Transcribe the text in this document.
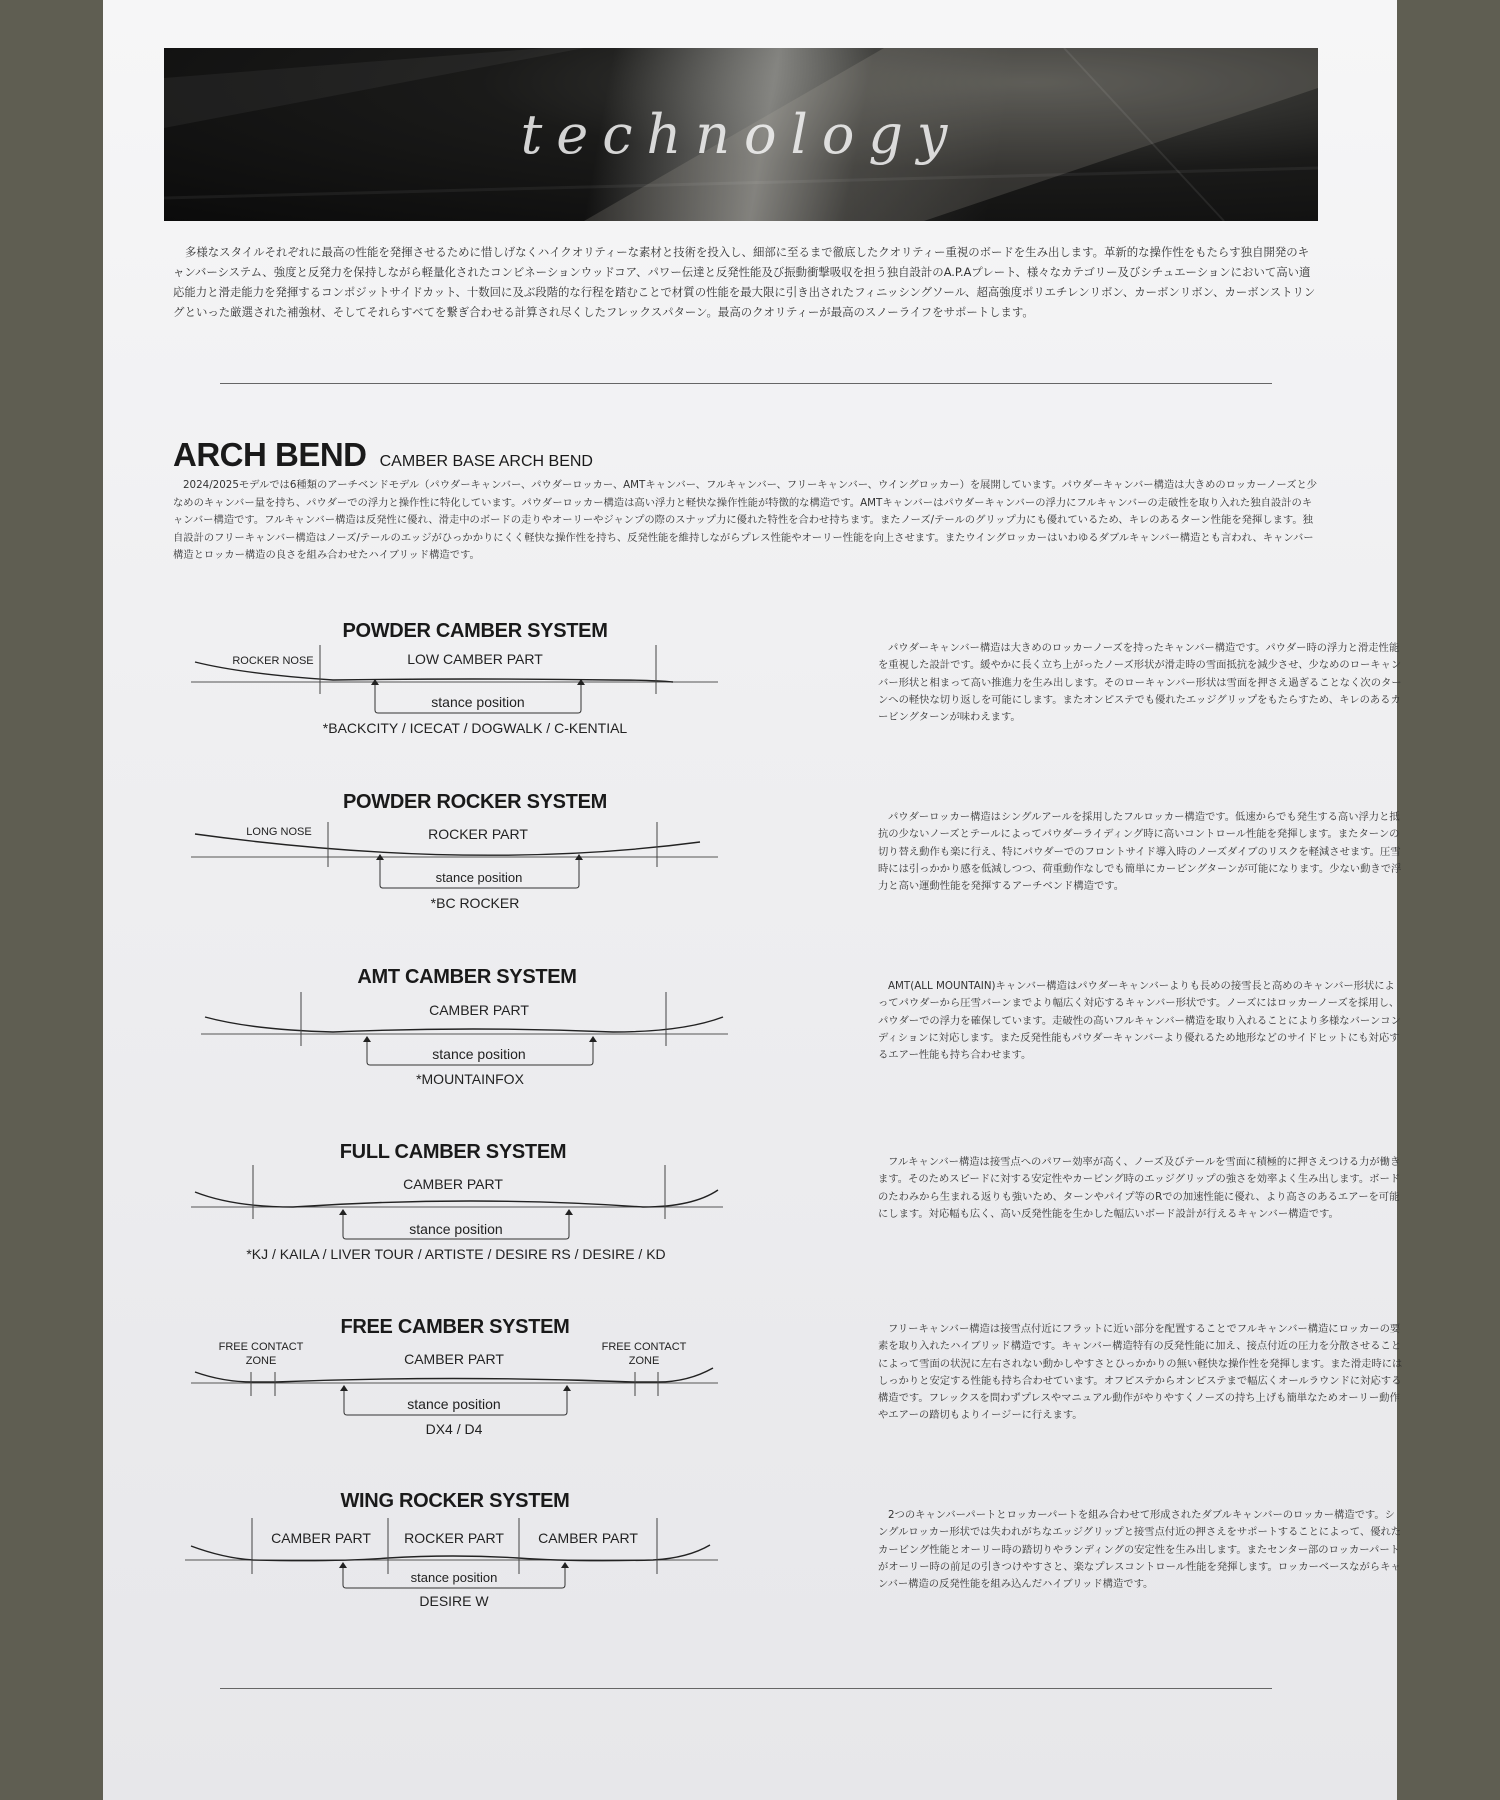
technology
多様なスタイルそれぞれに最高の性能を発揮させるために惜しげなくハイクオリティーな素材と技術を投入し、細部に至るまで徹底したクオリティー重視のボードを生み出します。革新的な操作性をもたらす独自開発のキャンバーシステム、強度と反発力を保持しながら軽量化されたコンビネーションウッドコア、パワー伝達と反発性能及び振動衝撃吸収を担う独自設計のA.P.Aプレート、様々なカテゴリー及びシチュエーションにおいて高い適応能力と滑走能力を発揮するコンポジットサイドカット、十数回に及ぶ段階的な行程を踏むことで材質の性能を最大限に引き出されたフィニッシングソール、超高強度ポリエチレンリボン、カーボンリボン、カーボンストリングといった厳選された補強材、そしてそれらすべてを繋ぎ合わせる計算され尽くしたフレックスパターン。最高のクオリティーが最高のスノーライフをサポートします。
ARCH BEND CAMBER BASE ARCH BEND
2024/2025モデルでは6種類のアーチベンドモデル（パウダーキャンバー、パウダーロッカー、AMTキャンバー、フルキャンバー、フリーキャンバー、ウイングロッカー）を展開しています。パウダーキャンバー構造は大きめのロッカーノーズと少なめのキャンバー量を持ち、パウダーでの浮力と操作性に特化しています。パウダーロッカー構造は高い浮力と軽快な操作性能が特徴的な構造です。AMTキャンバーはパウダーキャンバーの浮力にフルキャンバーの走破性を取り入れた独自設計のキャンバー構造です。フルキャンバー構造は反発性に優れ、滑走中のボードの走りやオーリーやジャンプの際のスナップ力に優れた特性を合わせ持ちます。またノーズ/テールのグリップ力にも優れているため、キレのあるターン性能を発揮します。独自設計のフリーキャンバー構造はノーズ/テールのエッジがひっかかりにくく軽快な操作性を持ち、反発性能を維持しながらプレス性能やオーリー性能を向上させます。またウイングロッカーはいわゆるダブルキャンバー構造とも言われ、キャンバー構造とロッカー構造の良さを組み合わせたハイブリッド構造です。
POWDER CAMBER SYSTEM
ROCKER NOSE	LOW CAMBER PART
stance position
*BACKCITY / ICECAT / DOGWALK / C-KENTIAL
パウダーキャンバー構造は大きめのロッカーノーズを持ったキャンバー構造です。パウダー時の浮力と滑走性能を重視した設計です。緩やかに長く立ち上がったノーズ形状が滑走時の雪面抵抗を減少させ、少なめのローキャンバー形状と相まって高い推進力を生み出します。そのローキャンバー形状は雪面を押さえ過ぎることなく次のターンへの軽快な切り返しを可能にします。またオンピステでも優れたエッジグリップをもたらすため、キレのあるカービングターンが味わえます。
POWDER ROCKER SYSTEM
LONG NOSE	ROCKER PART
stance position
*BC ROCKER
パウダーロッカー構造はシングルアールを採用したフルロッカー構造です。低速からでも発生する高い浮力と抵抗の少ないノーズとテールによってパウダーライディング時に高いコントロール性能を発揮します。またターンの切り替え動作も楽に行え、特にパウダーでのフロントサイド導入時のノーズダイブのリスクを軽減させます。圧雪時には引っかかり感を低減しつつ、荷重動作なしでも簡単にカービングターンが可能になります。少ない動きで浮力と高い運動性能を発揮するアーチベンド構造です。
AMT CAMBER SYSTEM
CAMBER PART
stance position
*MOUNTAINFOX
AMT(ALL MOUNTAIN)キャンバー構造はパウダーキャンバーよりも長めの接雪長と高めのキャンバー形状によってパウダーから圧雪バーンまでより幅広く対応するキャンバー形状です。ノーズにはロッカーノーズを採用し、パウダーでの浮力を確保しています。走破性の高いフルキャンバー構造を取り入れることにより多様なバーンコンディションに対応します。また反発性能もパウダーキャンバーより優れるため地形などのサイドヒットにも対応するエアー性能も持ち合わせます。
FULL CAMBER SYSTEM
CAMBER PART
stance position
*KJ / KAILA / LIVER TOUR / ARTISTE / DESIRE RS / DESIRE / KD
フルキャンバー構造は接雪点へのパワー効率が高く、ノーズ及びテールを雪面に積極的に押さえつける力が働きます。そのためスピードに対する安定性やカービング時のエッジグリップの強さを効率よく生み出します。ボードのたわみから生まれる返りも強いため、ターンやパイプ等のRでの加速性能に優れ、より高さのあるエアーを可能にします。対応幅も広く、高い反発性能を生かした幅広いボード設計が行えるキャンバー構造です。
FREE CAMBER SYSTEM
FREE CONTACT
ZONE	CAMBER PART
FREE CONTACT
ZONE
stance position
DX4 / D4
フリーキャンバー構造は接雪点付近にフラットに近い部分を配置することでフルキャンバー構造にロッカーの要素を取り入れたハイブリッド構造です。キャンバー構造特有の反発性能に加え、接点付近の圧力を分散させることによって雪面の状況に左右されない動かしやすさとひっかかりの無い軽快な操作性を発揮します。また滑走時にはしっかりと安定する性能も持ち合わせています。オフピステからオンピステまで幅広くオールラウンドに対応する構造です。フレックスを問わずプレスやマニュアル動作がやりやすくノーズの持ち上げも簡単なためオーリー動作やエアーの踏切もよりイージーに行えます。
WING ROCKER SYSTEM
CAMBER PART ROCKER PART CAMBER PART
stance position
DESIRE W
2つのキャンバーパートとロッカーパートを組み合わせて形成されたダブルキャンバーのロッカー構造です。シングルロッカー形状では失われがちなエッジグリップと接雪点付近の押さえをサポートすることによって、優れたカービング性能とオーリー時の踏切りやランディングの安定性を生み出します。またセンター部のロッカーパートがオーリー時の前足の引きつけやすさと、楽なプレスコントロール性能を発揮します。ロッカーベースながらキャンバー構造の反発性能を組み込んだハイブリッド構造です。
